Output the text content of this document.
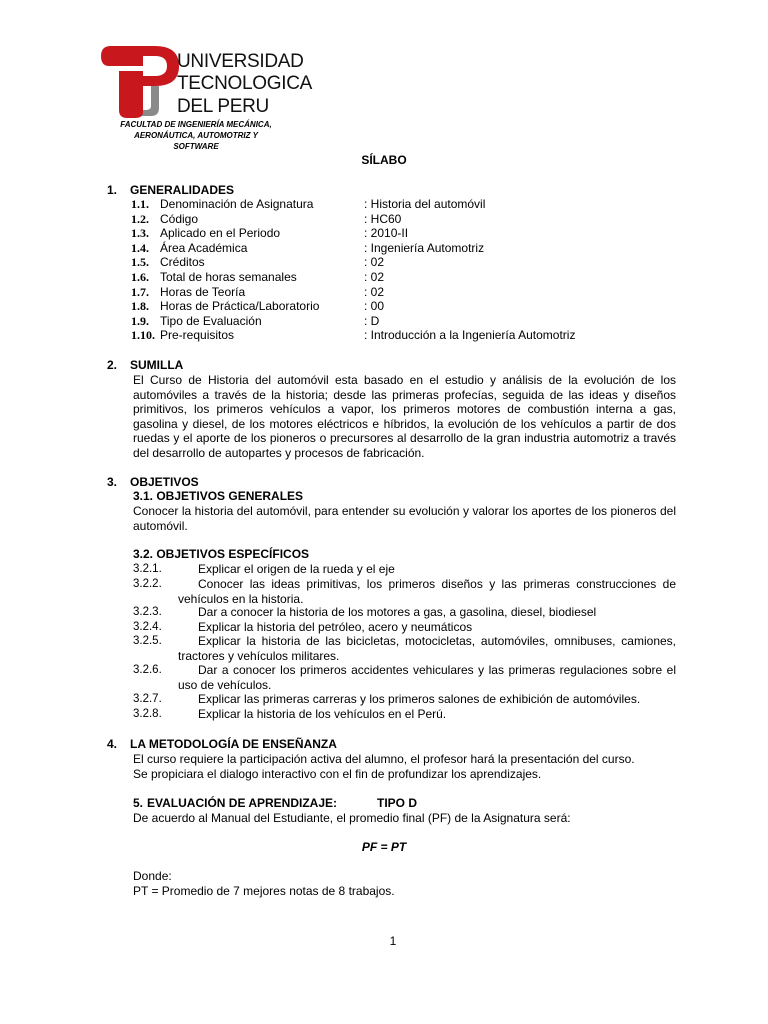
UNIVERSIDAD
TECNOLOGICA
DEL PERU
FACULTAD DE INGENIERÍA MECÁNICA,
AERONÁUTICA, AUTOMOTRIZ Y
SOFTWARE
SÍLABO
1. GENERALIDADES
1.1. Denominación de Asignatura	: Historia del automóvil
1.2. Código	: HC60
1.3. Aplicado en el Periodo	: 2010-II
1.4. Área Académica	: Ingeniería Automotriz
1.5. Créditos	: 02
1.6. Total de horas semanales	: 02
1.7. Horas de Teoría	: 02
1.8. Horas de Práctica/Laboratorio	: 00
1.9. Tipo de Evaluación	: D
1.10. Pre-requisitos	: Introducción a la Ingeniería Automotriz
2. SUMILLA
El Curso de Historia del automóvil esta basado en el estudio y análisis de la evolución de los automóviles a través de la historia; desde las primeras profecías, seguida de las ideas y diseños primitivos, los primeros vehículos a vapor, los primeros motores de combustión interna a gas, gasolina y diesel, de los motores eléctricos e híbridos, la evolución de los vehículos a partir de dos ruedas y el aporte de los pioneros o precursores al desarrollo de la gran industria automotriz a través del desarrollo de autopartes y procesos de fabricación.
3. OBJETIVOS
3.1. OBJETIVOS GENERALES
Conocer la historia del automóvil, para entender su evolución y valorar los aportes de los pioneros del automóvil.
3.2. OBJETIVOS ESPECÍFICOS
3.2.1.	Explicar el origen de la rueda y el eje
3.2.2.	Conocer las ideas primitivas, los primeros diseños y las primeras construcciones de vehículos en la historia.
3.2.3.	Dar a conocer la historia de los motores a gas, a gasolina, diesel, biodiesel
3.2.4.	Explicar la historia del petróleo, acero y neumáticos
3.2.5.	Explicar la historia de las bicicletas, motocicletas, automóviles, omnibuses, camiones, tractores y vehículos militares.
3.2.6.	Dar a conocer los primeros accidentes vehiculares y las primeras regulaciones sobre el uso de vehículos.
3.2.7.	Explicar las primeras carreras y los primeros salones de exhibición de automóviles.
3.2.8.	Explicar la historia de los vehículos en el Perú.
4. LA METODOLOGÍA DE ENSEÑANZA
El curso requiere la participación activa del alumno, el profesor hará la presentación del curso.
Se propiciara el dialogo interactivo con el fin de profundizar los aprendizajes.
5. EVALUACIÓN DE APRENDIZAJE:	TIPO D
De acuerdo al Manual del Estudiante, el promedio final (PF) de la Asignatura será:
PF = PT
Donde:
PT = Promedio de 7 mejores notas de 8 trabajos.
1
